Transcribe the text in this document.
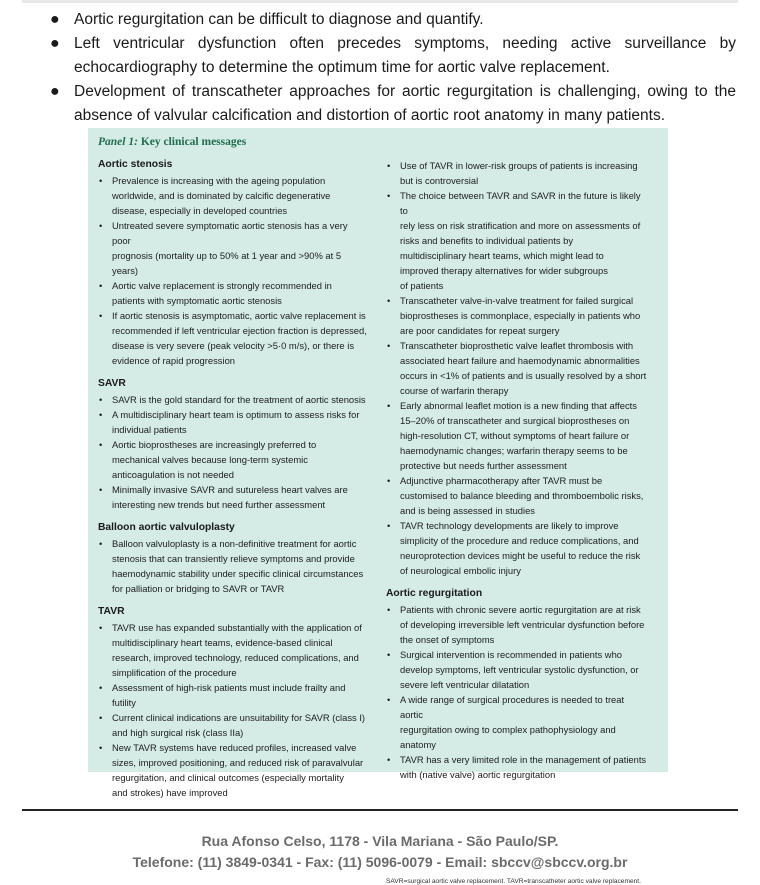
● Aortic regurgitation can be difficult to diagnose and quantify.
● Left ventricular dysfunction often precedes symptoms, needing active surveillance by echocardiography to determine the optimum time for aortic valve replacement.
● Development of transcatheter approaches for aortic regurgitation is challenging, owing to the absence of valvular calcification and distortion of aortic root anatomy in many patients.
Panel 1: Key clinical messages
Aortic stenosis
• Prevalence is increasing with the ageing population
worldwide, and is dominated by calcific degenerative
disease, especially in developed countries
• Untreated severe symptomatic aortic stenosis has a very poor
prognosis (mortality up to 50% at 1 year and >90% at 5 years)
• Aortic valve replacement is strongly recommended in
patients with symptomatic aortic stenosis
• If aortic stenosis is asymptomatic, aortic valve replacement is
recommended if left ventricular ejection fraction is depressed,
disease is very severe (peak velocity >5·0 m/s), or there is
evidence of rapid progression
SAVR
• SAVR is the gold standard for the treatment of aortic stenosis
• A multidisciplinary heart team is optimum to assess risks for
individual patients
• Aortic bioprostheses are increasingly preferred to
mechanical valves because long-term systemic
anticoagulation is not needed
• Minimally invasive SAVR and sutureless heart valves are
interesting new trends but need further assessment
Balloon aortic valvuloplasty
• Balloon valvuloplasty is a non-definitive treatment for aortic
stenosis that can transiently relieve symptoms and provide
haemodynamic stability under specific clinical circumstances
for palliation or bridging to SAVR or TAVR
TAVR
• TAVR use has expanded substantially with the application of
multidisciplinary heart teams, evidence-based clinical
research, improved technology, reduced complications, and
simplification of the procedure
• Assessment of high-risk patients must include frailty and
futility
• Current clinical indications are unsuitability for SAVR (class I)
and high surgical risk (class IIa)
• New TAVR systems have reduced profiles, increased valve
sizes, improved positioning, and reduced risk of paravalvular
regurgitation, and clinical outcomes (especially mortality
and strokes) have improved
• Use of TAVR in lower-risk groups of patients is increasing
but is controversial
• The choice between TAVR and SAVR in the future is likely to
rely less on risk stratification and more on assessments of
risks and benefits to individual patients by
multidisciplinary heart teams, which might lead to
improved therapy alternatives for wider subgroups
of patients
• Transcatheter valve-in-valve treatment for failed surgical
bioprostheses is commonplace, especially in patients who
are poor candidates for repeat surgery
• Transcatheter bioprosthetic valve leaflet thrombosis with
associated heart failure and haemodynamic abnormalities
occurs in <1% of patients and is usually resolved by a short
course of warfarin therapy
• Early abnormal leaflet motion is a new finding that affects
15–20% of transcatheter and surgical bioprostheses on
high-resolution CT, without symptoms of heart failure or
haemodynamic changes; warfarin therapy seems to be
protective but needs further assessment
• Adjunctive pharmacotherapy after TAVR must be
customised to balance bleeding and thromboembolic risks,
and is being assessed in studies
• TAVR technology developments are likely to improve
simplicity of the procedure and reduce complications, and
neuroprotection devices might be useful to reduce the risk
of neurological embolic injury
Aortic regurgitation
• Patients with chronic severe aortic regurgitation are at risk
of developing irreversible left ventricular dysfunction before
the onset of symptoms
• Surgical intervention is recommended in patients who
develop symptoms, left ventricular systolic dysfunction, or
severe left ventricular dilatation
• A wide range of surgical procedures is needed to treat aortic
regurgitation owing to complex pathophysiology and anatomy
• TAVR has a very limited role in the management of patients
with (native valve) aortic regurgitation
SAVR=surgical aortic valve replacement. TAVR=transcatheter aortic valve replacement.
Rua Afonso Celso, 1178 - Vila Mariana - São Paulo/SP.
Telefone: (11) 3849-0341 - Fax: (11) 5096-0079 - Email: sbccv@sbccv.org.br
